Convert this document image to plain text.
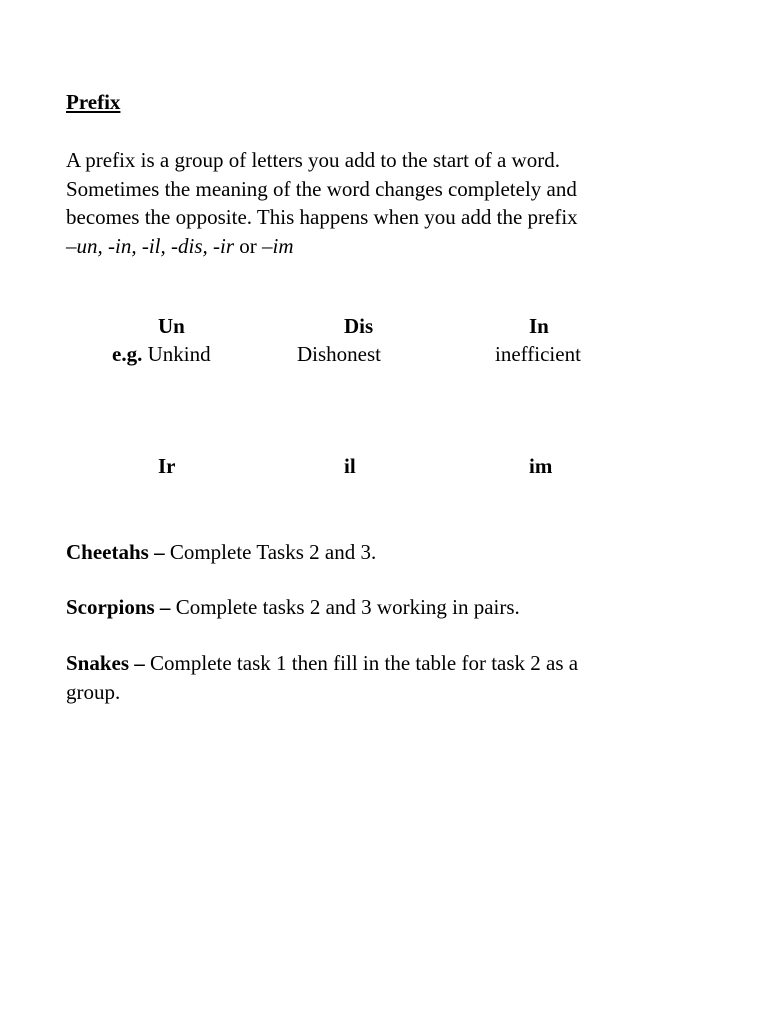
Prefix
A prefix is a group of letters you add to the start of a word.
Sometimes the meaning of the word changes completely and
becomes the opposite. This happens when you add the prefix
–un, -in, -il, -dis, -ir or –im
Un	Dis	In
e.g. Unkind	Dishonest	inefficient
Ir	il	im
Cheetahs – Complete Tasks 2 and 3.
Scorpions – Complete tasks 2 and 3 working in pairs.
Snakes – Complete task 1 then fill in the table for task 2 as a
group.
